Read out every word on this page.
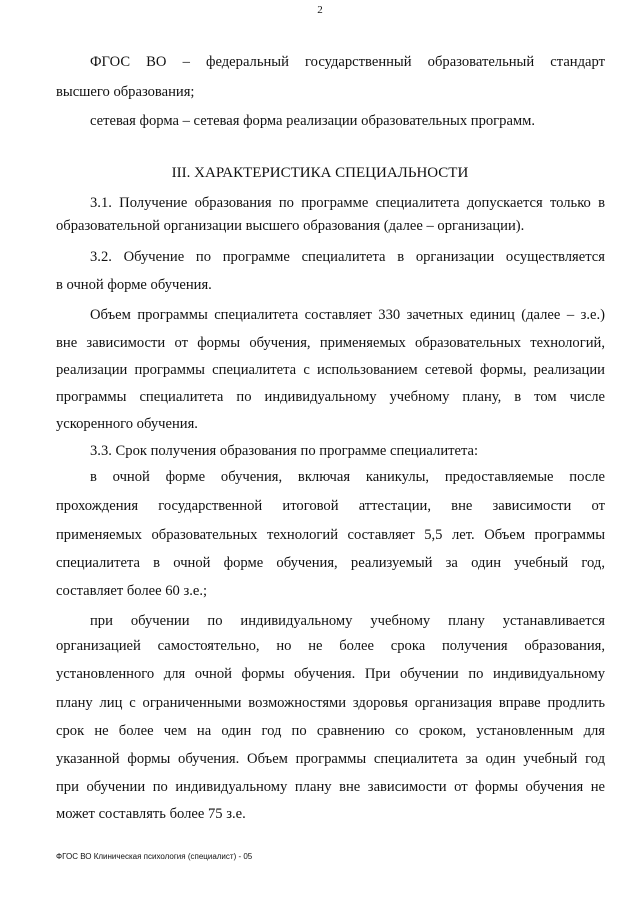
2
ФГОС ВО – федеральный государственный образовательный стандарт
высшего образования;
сетевая форма – сетевая форма реализации образовательных программ.
III. ХАРАКТЕРИСТИКА СПЕЦИАЛЬНОСТИ
3.1. Получение образования по программе специалитета допускается только в
образовательной организации высшего образования (далее – организации).
3.2. Обучение по программе специалитета в организации осуществляется
в очной форме обучения.
Объем программы специалитета составляет 330 зачетных единиц (далее – з.е.)
вне зависимости от формы обучения, применяемых образовательных технологий,
реализации программы специалитета с использованием сетевой формы, реализации
программы специалитета по индивидуальному учебному плану, в том числе
ускоренного обучения.
3.3. Срок получения образования по программе специалитета:
в очной форме обучения, включая каникулы, предоставляемые после
прохождения государственной итоговой аттестации, вне зависимости от
применяемых образовательных технологий составляет 5,5 лет. Объем программы
специалитета в очной форме обучения, реализуемый за один учебный год,
составляет более 60 з.е.;
при обучении по индивидуальному учебному плану устанавливается
организацией самостоятельно, но не более срока получения образования,
установленного для очной формы обучения. При обучении по индивидуальному
плану лиц с ограниченными возможностями здоровья организация вправе продлить
срок не более чем на один год по сравнению со сроком, установленным для
указанной формы обучения. Объем программы специалитета за один учебный год
при обучении по индивидуальному плану вне зависимости от формы обучения не
может составлять более 75 з.е.
ФГОС ВО Клиническая психология (специалист) - 05
